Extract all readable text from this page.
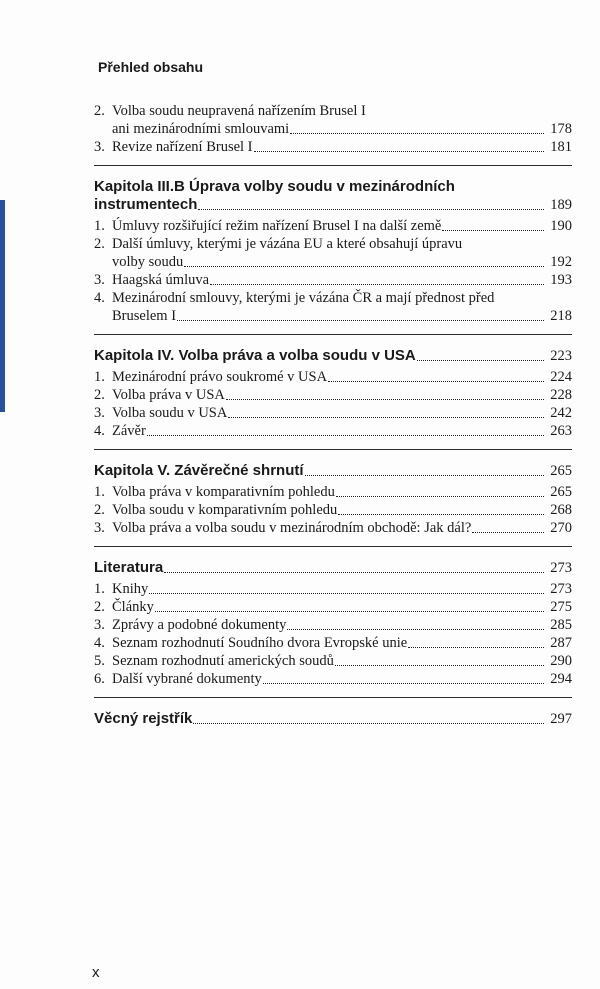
Přehled obsahu
2. Volba soudu neupravená nařízením Brusel I
ani mezinárodními smlouvami	178
3. Revize nařízení Brusel I	181
Kapitola III.B Úprava volby soudu v mezinárodních
instrumentech	189
1. Úmluvy rozšiřující režim nařízení Brusel I na další země	190
2. Další úmluvy, kterými je vázána EU a které obsahují úpravu
volby soudu	192
3. Haagská úmluva	193
4. Mezinárodní smlouvy, kterými je vázána ČR a mají přednost před
Bruselem I	218
Kapitola IV. Volba práva a volba soudu v USA	223
1. Mezinárodní právo soukromé v USA	224
2. Volba práva v USA	228
3. Volba soudu v USA	242
4. Závěr	263
Kapitola V. Závěrečné shrnutí	265
1. Volba práva v komparativním pohledu	265
2. Volba soudu v komparativním pohledu	268
3. Volba práva a volba soudu v mezinárodním obchodě: Jak dál?	270
Literatura	273
1. Knihy	273
2. Články	275
3. Zprávy a podobné dokumenty	285
4. Seznam rozhodnutí Soudního dvora Evropské unie	287
5. Seznam rozhodnutí amerických soudů	290
6. Další vybrané dokumenty	294
Věcný rejstřík	297
x
